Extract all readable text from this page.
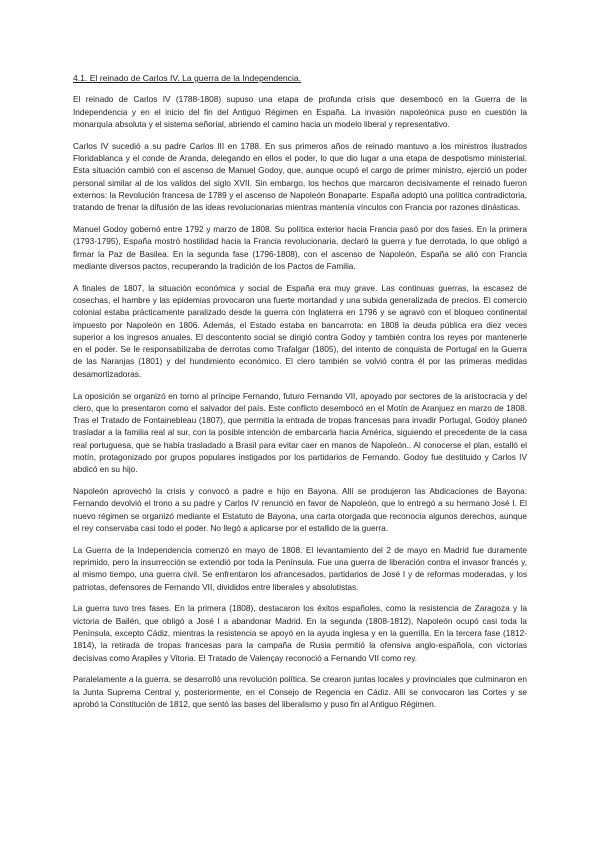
4.1. El reinado de Carlos IV. La guerra de la Independencia.

El reinado de Carlos IV (1788-1808) supuso una etapa de profunda crisis que desembocó en la Guerra de la Independencia y en el inicio del fin del Antiguo Régimen en España. La invasión napoleónica puso en cuestión la monarquía absoluta y el sistema señorial, abriendo el camino hacia un modelo liberal y representativo.

Carlos IV sucedió a su padre Carlos III en 1788. En sus primeros años de reinado mantuvo a los ministros ilustrados Floridablanca y el conde de Aranda, delegando en ellos el poder, lo que dio lugar a una etapa de despotismo ministerial. Esta situación cambió con el ascenso de Manuel Godoy, que, aunque ocupó el cargo de primer ministro, ejerció un poder personal similar al de los validos del siglo XVII. Sin embargo, los hechos que marcaron decisivamente el reinado fueron externos: la Revolución francesa de 1789 y el ascenso de Napoleón Bonaparte. España adoptó una política contradictoria, tratando de frenar la difusión de las ideas revolucionarias mientras mantenía vínculos con Francia por razones dinásticas.

Manuel Godoy gobernó entre 1792 y marzo de 1808. Su política exterior hacia Francia pasó por dos fases. En la primera (1793-1795), España mostró hostilidad hacia la Francia revolucionaria, declaró la guerra y fue derrotada, lo que obligó a firmar la Paz de Basilea. En la segunda fase (1796-1808), con el ascenso de Napoleón, España se alió con Francia mediante diversos pactos, recuperando la tradición de los Pactos de Familia.

A finales de 1807, la situación económica y social de España era muy grave. Las continuas guerras, la escasez de cosechas, el hambre y las epidemias provocaron una fuerte mortandad y una subida generalizada de precios. El comercio colonial estaba prácticamente paralizado desde la guerra con Inglaterra en 1796 y se agravó con el bloqueo continental impuesto por Napoleón en 1806. Además, el Estado estaba en bancarrota: en 1808 la deuda pública era diez veces superior a los ingresos anuales. El descontento social se dirigió contra Godoy y también contra los reyes por mantenerle en el poder. Se le responsabilizaba de derrotas como Trafalgar (1805), del intento de conquista de Portugal en la Guerra de las Naranjas (1801) y del hundimiento económico. El clero también se volvió contra él por las primeras medidas desamortizadoras.

La oposición se organizó en torno al príncipe Fernando, futuro Fernando VII, apoyado por sectores de la aristocracia y del clero, que lo presentaron como el salvador del país. Este conflicto desembocó en el Motín de Aranjuez en marzo de 1808. Tras el Tratado de Fontainebleau (1807), que permitía la entrada de tropas francesas para invadir Portugal, Godoy planeó trasladar a la familia real al sur, con la posible intención de embarcarla hacia América, siguiendo el precedente de la casa real portuguesa, que se había trasladado a Brasil para evitar caer en manos de Napoleón.. Al conocerse el plan, estalló el motín, protagonizado por grupos populares instigados por los partidarios de Fernando. Godoy fue destituido y Carlos IV abdicó en su hijo.

Napoleón aprovechó la crisis y convocó a padre e hijo en Bayona. Allí se produjeron las Abdicaciones de Bayona: Fernando devolvió el trono a su padre y Carlos IV renunció en favor de Napoleón, que lo entregó a su hermano José I. El nuevo régimen se organizó mediante el Estatuto de Bayona, una carta otorgada que reconocía algunos derechos, aunque el rey conservaba casi todo el poder. No llegó a aplicarse por el estallido de la guerra.

La Guerra de la Independencia comenzó en mayo de 1808. El levantamiento del 2 de mayo en Madrid fue duramente reprimido, pero la insurrección se extendió por toda la Península. Fue una guerra de liberación contra el invasor francés y, al mismo tiempo, una guerra civil. Se enfrentaron los afrancesados, partidarios de José I y de reformas moderadas, y los patriotas, defensores de Fernando VII, divididos entre liberales y absolutistas.

La guerra tuvo tres fases. En la primera (1808), destacaron los éxitos españoles, como la resistencia de Zaragoza y la victoria de Bailén, que obligó a José I a abandonar Madrid. En la segunda (1808-1812), Napoleón ocupó casi toda la Península, excepto Cádiz, mientras la resistencia se apoyó en la ayuda inglesa y en la guerrilla. En la tercera fase (1812-1814), la retirada de tropas francesas para la campaña de Rusia permitió la ofensiva anglo-española, con victorias decisivas como Arapiles y Vitoria. El Tratado de Valençay reconoció a Fernando VII como rey.

Paralelamente a la guerra, se desarrolló una revolución política. Se crearon juntas locales y provinciales que culminaron en la Junta Suprema Central y, posteriormente, en el Consejo de Regencia en Cádiz. Allí se convocaron las Cortes y se aprobó la Constitución de 1812, que sentó las bases del liberalismo y puso fin al Antiguo Régimen.
